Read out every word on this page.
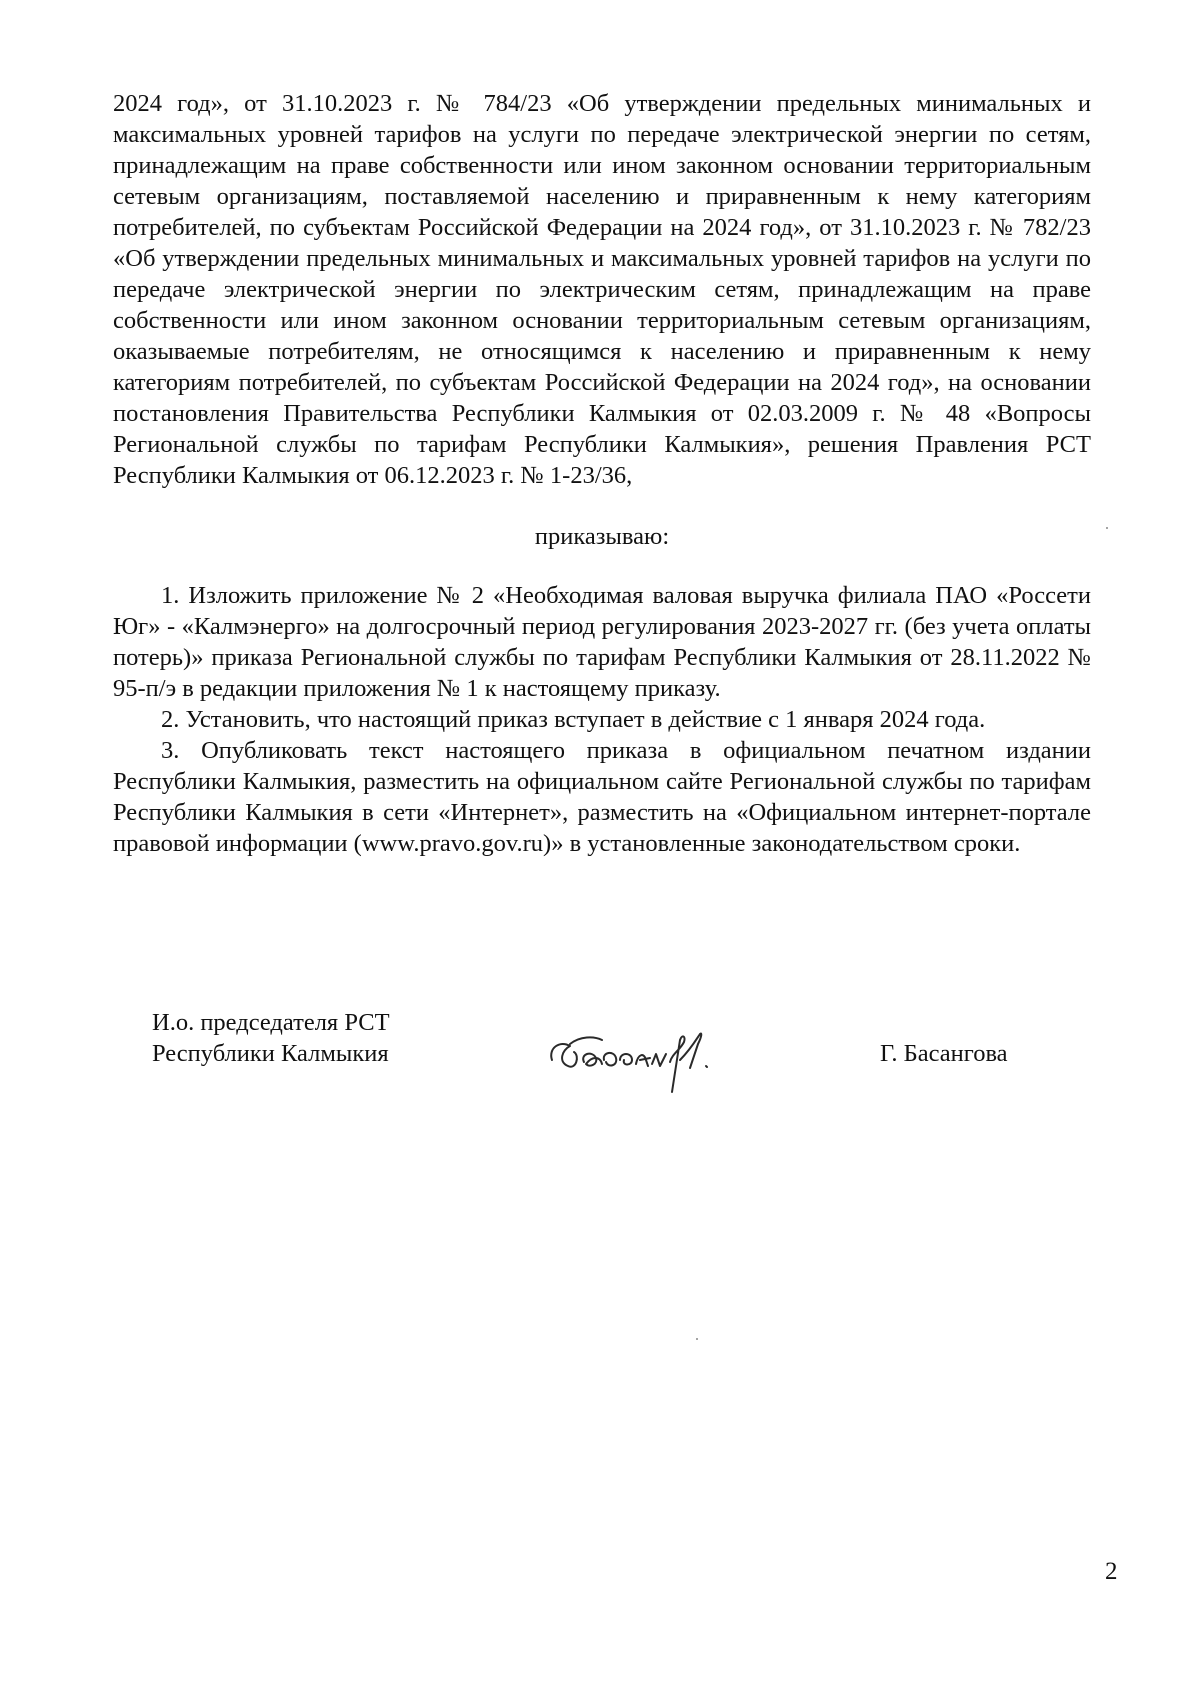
2024 год», от 31.10.2023 г. № 784/23 «Об утверждении предельных минимальных и максимальных уровней тарифов на услуги по передаче электрической энергии по сетям, принадлежащим на праве собственности или ином законном основании территориальным сетевым организациям, поставляемой населению и приравненным к нему категориям потребителей, по субъектам Российской Федерации на 2024 год», от 31.10.2023 г. № 782/23 «Об утверждении предельных минимальных и максимальных уровней тарифов на услуги по передаче электрической энергии по электрическим сетям, принадлежащим на праве собственности или ином законном основании территориальным сетевым организациям, оказываемые потребителям, не относящимся к населению и приравненным к нему категориям потребителей, по субъектам Российской Федерации на 2024 год», на основании постановления Правительства Республики Калмыкия от 02.03.2009 г. № 48 «Вопросы Региональной службы по тарифам Республики Калмыкия», решения Правления РСТ Республики Калмыкия от 06.12.2023 г. № 1-23/36,
приказываю:

1. Изложить приложение № 2 «Необходимая валовая выручка филиала ПАО «Россети Юг» - «Калмэнерго» на долгосрочный период регулирования 2023-2027 гг. (без учета оплаты потерь)» приказа Региональной службы по тарифам Республики Калмыкия от 28.11.2022 № 95-п/э в редакции приложения № 1 к настоящему приказу.

2. Установить, что настоящий приказ вступает в действие с 1 января 2024 года.

3. Опубликовать текст настоящего приказа в официальном печатном издании Республики Калмыкия, разместить на официальном сайте Региональной службы по тарифам Республики Калмыкия в сети «Интернет», разместить на «Официальном интернет-портале правовой информации (www.pravo.gov.ru)» в установленные законодательством сроки.

И.о. председателя РСТ
Республики Калмыкия	Г. Басангова
2
